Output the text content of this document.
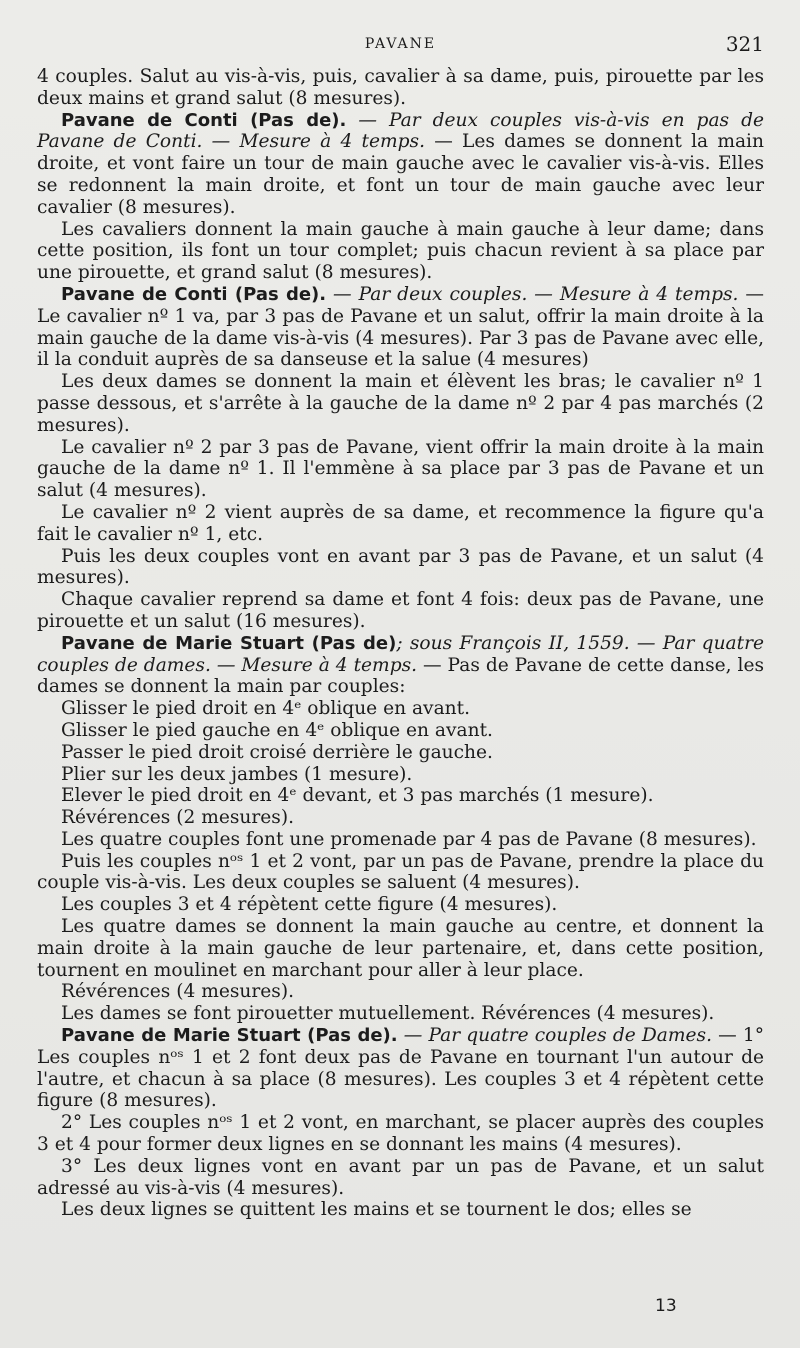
PAVANE	321

4 couples. Salut au vis-à-vis, puis, cavalier à sa dame, puis, pirouette par les deux mains et grand salut (8 mesures).

Pavane de Conti (Pas de). — Par deux couples vis-à-vis en pas de Pavane de Conti. — Mesure à 4 temps. — Les dames se donnent la main droite, et vont faire un tour de main gauche avec le cavalier vis-à-vis. Elles se redonnent la main droite, et font un tour de main gauche avec leur cavalier (8 mesures).

Les cavaliers donnent la main gauche à main gauche à leur dame; dans cette position, ils font un tour complet; puis chacun revient à sa place par une pirouette, et grand salut (8 mesures).

Pavane de Conti (Pas de). — Par deux couples. — Mesure à 4 temps. — Le cavalier nº 1 va, par 3 pas de Pavane et un salut, offrir la main droite à la main gauche de la dame vis-à-vis (4 mesures). Par 3 pas de Pavane avec elle, il la conduit auprès de sa danseuse et la salue (4 mesures)

Les deux dames se donnent la main et élèvent les bras; le cavalier nº 1 passe dessous, et s'arrête à la gauche de la dame nº 2 par 4 pas marchés (2 mesures).

Le cavalier nº 2 par 3 pas de Pavane, vient offrir la main droite à la main gauche de la dame nº 1. Il l'emmène à sa place par 3 pas de Pavane et un salut (4 mesures).

Le cavalier nº 2 vient auprès de sa dame, et recommence la figure qu'a fait le cavalier nº 1, etc.

Puis les deux couples vont en avant par 3 pas de Pavane, et un salut (4 mesures).

Chaque cavalier reprend sa dame et font 4 fois: deux pas de Pavane, une pirouette et un salut (16 mesures).

Pavane de Marie Stuart (Pas de); sous François II, 1559. — Par quatre couples de dames. — Mesure à 4 temps. — Pas de Pavane de cette danse, les dames se donnent la main par couples:

Glisser le pied droit en 4ᵉ oblique en avant.

Glisser le pied gauche en 4ᵉ oblique en avant.

Passer le pied droit croisé derrière le gauche.

Plier sur les deux jambes (1 mesure).

Elever le pied droit en 4ᵉ devant, et 3 pas marchés (1 mesure).

Révérences (2 mesures).

Les quatre couples font une promenade par 4 pas de Pavane (8 mesures).

Puis les couples nᵒˢ 1 et 2 vont, par un pas de Pavane, prendre la place du couple vis-à-vis. Les deux couples se saluent (4 mesures).

Les couples 3 et 4 répètent cette figure (4 mesures).

Les quatre dames se donnent la main gauche au centre, et donnent la main droite à la main gauche de leur partenaire, et, dans cette position, tournent en moulinet en marchant pour aller à leur place.

Révérences (4 mesures).

Les dames se font pirouetter mutuellement. Révérences (4 mesures).

Pavane de Marie Stuart (Pas de). — Par quatre couples de Dames. — 1° Les couples nᵒˢ 1 et 2 font deux pas de Pavane en tournant l'un autour de l'autre, et chacun à sa place (8 mesures). Les couples 3 et 4 répètent cette figure (8 mesures).

2° Les couples nᵒˢ 1 et 2 vont, en marchant, se placer auprès des couples 3 et 4 pour former deux lignes en se donnant les mains (4 mesures).

3° Les deux lignes vont en avant par un pas de Pavane, et un salut adressé au vis-à-vis (4 mesures).

Les deux lignes se quittent les mains et se tournent le dos; elles se

13
